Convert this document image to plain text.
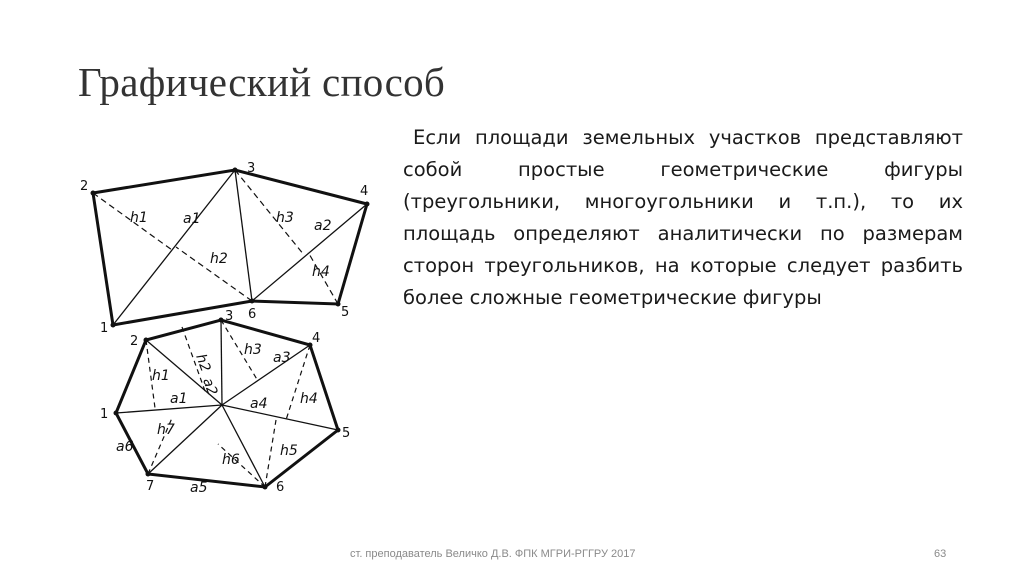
Графический способ
Если площади земельных участков представляют собой простые геометрические фигуры (треугольники, многоугольники и т.п.), то их площадь определяют аналитически по размерам сторон треугольников, на которые следует разбить более сложные геометрические фигуры
1
2
3
4
5
6
h1
h2
h3
h4
a1	a2
1
2
3
4
5
6
7
h1
h2
h3
h4
h5
h6
h7
a1
a2
a3
a4
a5
a6
ст. преподаватель Величко Д.В. ФПК МГРИ-РГГРУ 2017	63
